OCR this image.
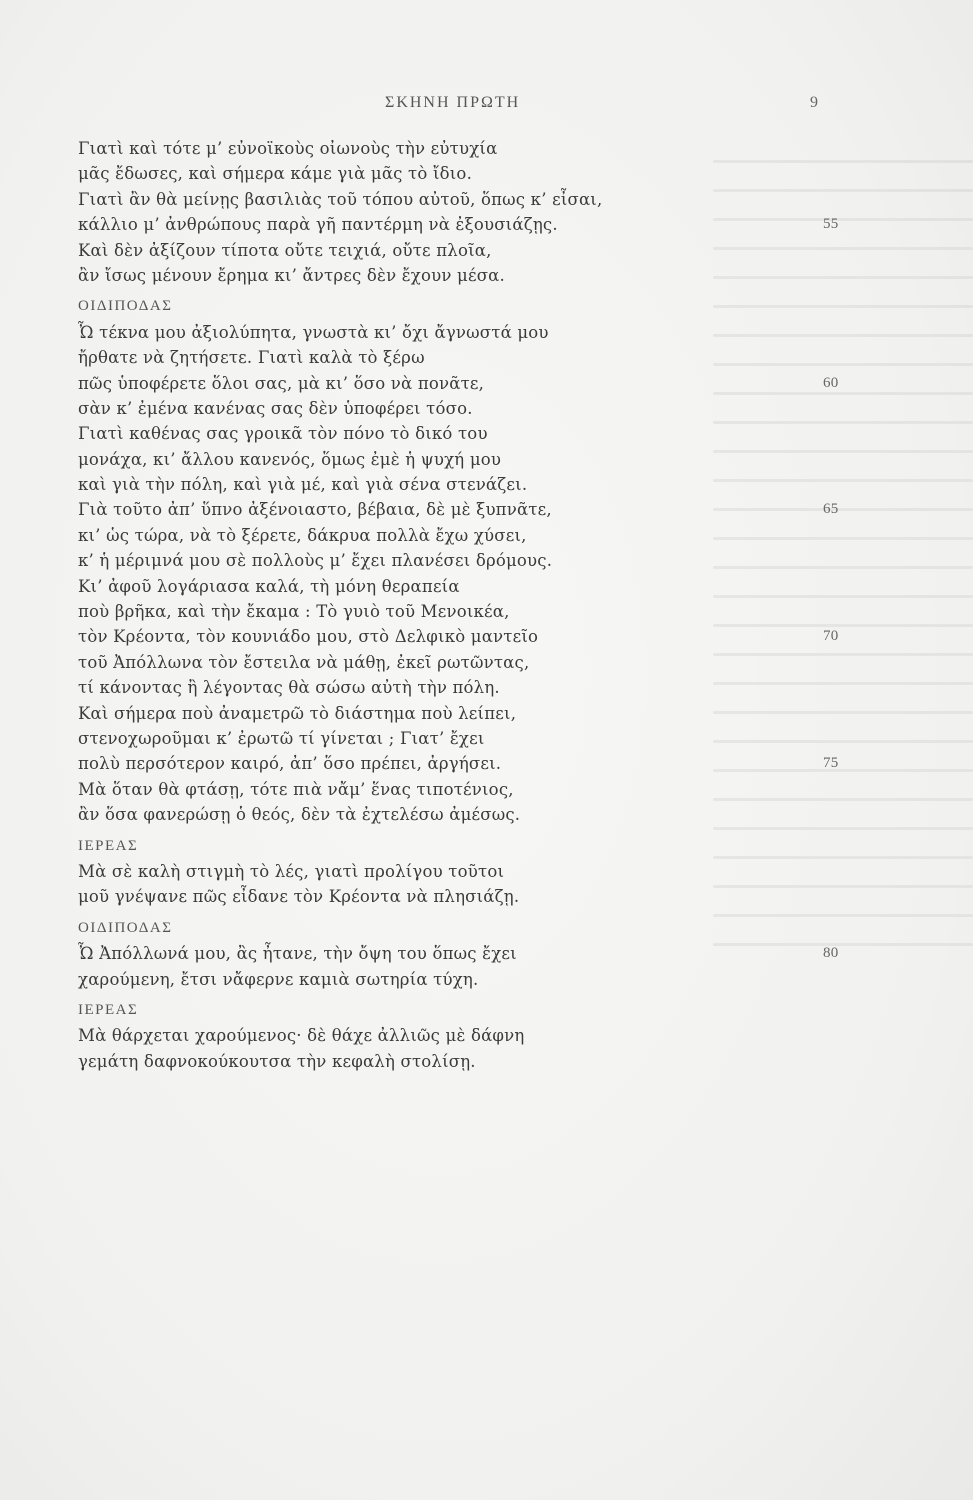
ΣΚΗΝΗ ΠΡΩΤΗ	9
Γιατὶ καὶ τότε μ’ εὐνοϊκοὺς οἰωνοὺς τὴν εὐτυχία
μᾶς ἔδωσες, καὶ σήμερα κάμε γιὰ μᾶς τὸ ἴδιο.
Γιατὶ ἂν θὰ μείνῃς βασιλιὰς τοῦ τόπου αὐτοῦ, ὅπως κ’ εἶσαι,
κάλλιο μ’ ἀνθρώπους παρὰ γῆ παντέρμη νὰ ἐξουσιάζῃς.	55
Καὶ δὲν ἀξίζουν τίποτα οὔτε τειχιά, οὔτε πλοῖα,
ἂν ἴσως μένουν ἔρημα κι’ ἄντρες δὲν ἔχουν μέσα.
ΟΙΔΙΠΟΔΑΣ
Ὦ τέκνα μου ἀξιολύπητα, γνωστὰ κι’ ὄχι ἄγνωστά μου
ἤρθατε νὰ ζητήσετε. Γιατὶ καλὰ τὸ ξέρω
πῶς ὑποφέρετε ὅλοι σας, μὰ κι’ ὅσο νὰ πονᾶτε,	60
σὰν κ’ ἐμένα κανένας σας δὲν ὑποφέρει τόσο.
Γιατὶ καθένας σας γροικᾶ τὸν πόνο τὸ δικό του
μονάχα, κι’ ἄλλου κανενός, ὅμως ἐμὲ ἡ ψυχή μου
καὶ γιὰ τὴν πόλη, καὶ γιὰ μέ, καὶ γιὰ σένα στενάζει.
Γιὰ τοῦτο ἀπ’ ὕπνο ἀξένοιαστο, βέβαια, δὲ μὲ ξυπνᾶτε,	65
κι’ ὡς τώρα, νὰ τὸ ξέρετε, δάκρυα πολλὰ ἔχω χύσει,
κ’ ἡ μέριμνά μου σὲ πολλοὺς μ’ ἔχει πλανέσει δρόμους.
Κι’ ἀφοῦ λογάριασα καλά, τὴ μόνη θεραπεία
ποὺ βρῆκα, καὶ τὴν ἔκαμα : Τὸ γυιὸ τοῦ Μενοικέα,
τὸν Κρέοντα, τὸν κουνιάδο μου, στὸ Δελφικὸ μαντεῖο	70
τοῦ Ἀπόλλωνα τὸν ἔστειλα νὰ μάθῃ, ἐκεῖ ρωτῶντας,
τί κάνοντας ἢ λέγοντας θὰ σώσω αὐτὴ τὴν πόλη.
Καὶ σήμερα ποὺ ἀναμετρῶ τὸ διάστημα ποὺ λείπει,
στενοχωροῦμαι κ’ ἐρωτῶ τί γίνεται ; Γιατ’ ἔχει
πολὺ περσότερον καιρό, ἀπ’ ὅσο πρέπει, ἀργήσει.	75
Μὰ ὅταν θὰ φτάσῃ, τότε πιὰ νἄμ’ ἕνας τιποτένιος,
ἂν ὅσα φανερώσῃ ὁ θεός, δὲν τὰ ἐχτελέσω ἀμέσως.
ΙΕΡΕΑΣ
Μὰ σὲ καλὴ στιγμὴ τὸ λές, γιατὶ προλίγου τοῦτοι
μοῦ γνέψανε πῶς εἶδανε τὸν Κρέοντα νὰ πλησιάζῃ.
ΟΙΔΙΠΟΔΑΣ
Ὦ Ἀπόλλωνά μου, ἂς ἦτανε, τὴν ὄψη του ὅπως ἔχει	80
χαρούμενη, ἔτσι νἄφερνε καμιὰ σωτηρία τύχη.
ΙΕΡΕΑΣ
Μὰ θάρχεται χαρούμενος· δὲ θάχε ἀλλιῶς μὲ δάφνη
γεμάτη δαφνοκούκουτσα τὴν κεφαλὴ στολίσῃ.
